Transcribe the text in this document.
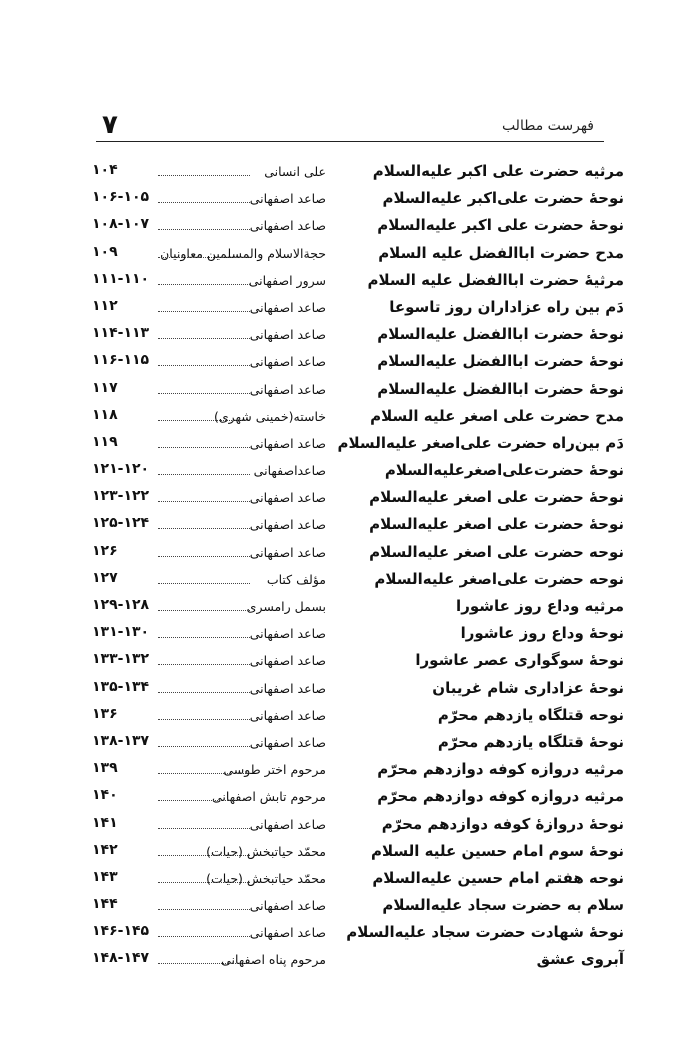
فهرست مطالب
۷
مرثیه حضرت علی اکبر علیه‌السلام
علی انسانی
۱۰۴
نوحهٔ حضرت علی‌اکبر علیه‌السلام
صاعد اصفهانی
۱۰۶-۱۰۵
نوحهٔ حضرت علی اکبر علیه‌السلام
صاعد اصفهانی
۱۰۸-۱۰۷
مدح حضرت اباالفضل علیه السلام
حجةالاسلام والمسلمین معاونیان
۱۰۹
مرثیهٔ حضرت اباالفضل علیه السلام
سرور اصفهانی
۱۱۱-۱۱۰
دَم بین راه عزاداران روز تاسوعا
صاعد اصفهانی
۱۱۲
نوحهٔ حضرت اباالفضل علیه‌السلام
صاعد اصفهانی
۱۱۴-۱۱۳
نوحهٔ حضرت اباالفضل علیه‌السلام
صاعد اصفهانی
۱۱۶-۱۱۵
نوحهٔ حضرت اباالفضل علیه‌السلام
صاعد اصفهانی
۱۱۷
مدح حضرت علی اصغر علیه السلام
خاسته(خمینی شهری)
۱۱۸
دَم بین‌راه حضرت علی‌اصغر علیه‌السلام
صاعد اصفهانی
۱۱۹
نوحهٔ حضرت‌علی‌اصغرعلیه‌السلام
صاعداصفهانی
۱۲۱-۱۲۰
نوحهٔ حضرت علی اصغر علیه‌السلام
صاعد اصفهانی
۱۲۳-۱۲۲
نوحهٔ حضرت علی اصغر علیه‌السلام
صاعد اصفهانی
۱۲۵-۱۲۴
نوحه حضرت علی اصغر علیه‌السلام
صاعد اصفهانی
۱۲۶
نوحه حضرت علی‌اصغر علیه‌السلام
مؤلف کتاب
۱۲۷
مرثیه وداع روز عاشورا
بسمل رامسری
۱۲۹-۱۲۸
نوحهٔ وداع روز عاشورا
صاعد اصفهانی
۱۳۱-۱۳۰
نوحهٔ سوگواری عصر عاشورا
صاعد اصفهانی
۱۳۳-۱۳۲
نوحهٔ عزاداری شام غریبان
صاعد اصفهانی
۱۳۵-۱۳۴
نوحه قتلگاه یازدهم محرّم
صاعد اصفهانی
۱۳۶
نوحهٔ قتلگاه یازدهم محرّم
صاعد اصفهانی
۱۳۸-۱۳۷
مرثیه دروازه کوفه دوازدهم محرّم
مرحوم اختر طوسی
۱۳۹
مرثیه دروازه کوفه دوازدهم محرّم
مرحوم تابش اصفهانی
۱۴۰
نوحهٔ دروازهٔ کوفه دوازدهم محرّم
صاعد اصفهانی
۱۴۱
نوحهٔ سوم امام حسین علیه السلام
محمّد حیاتبخش (حیات)
۱۴۲
نوحه هفتم امام حسین علیه‌السلام
محمّد حیاتبخش (حیات)
۱۴۳
سلام به حضرت سجاد علیه‌السلام
صاعد اصفهانی
۱۴۴
نوحهٔ شهادت حضرت سجاد علیه‌السلام
صاعد اصفهانی
۱۴۶-۱۴۵
آبروی عشق
مرحوم پناه اصفهانی
۱۴۸-۱۴۷
